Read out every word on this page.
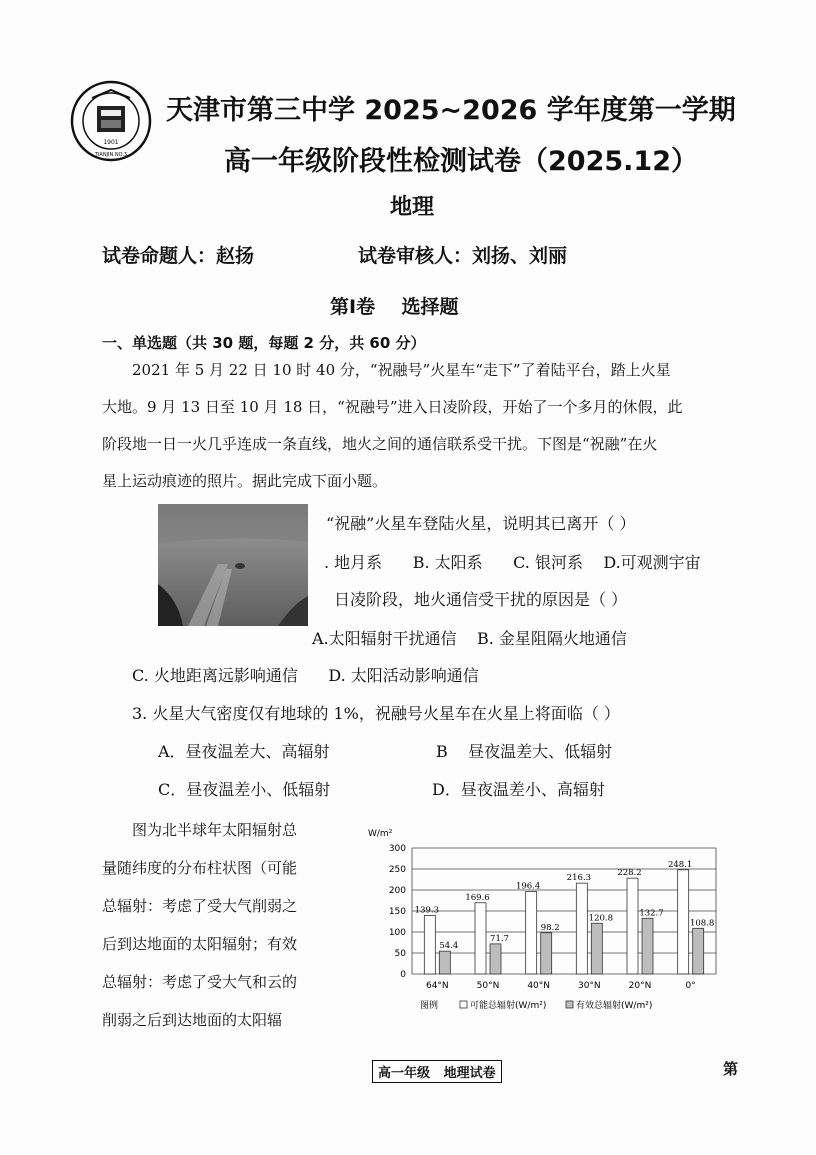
1901
TIANJIN NO.3
天津市第三中学 2025~2026 学年度第一学期
高一年级阶段性检测试卷（2025.12）
地理
试卷命题人：赵扬	试卷审核人：刘扬、刘丽
第Ⅰ卷    选择题
一、单选题（共 30 题，每题 2 分，共 60 分）
2021 年 5 月 22 日 10 时 40 分，“祝融号”火星车“走下”了着陆平台，踏上火星
大地。9 月 13 日至 10 月 18 日，“祝融号”进入日凌阶段，开始了一个多月的休假，此
阶段地一日一火几乎连成一条直线，地火之间的通信联系受干扰。下图是“祝融”在火
星上运动痕迹的照片。据此完成下面小题。
“祝融”火星车登陆火星，说明其已离开（ ）
. 地月系      B. 太阳系      C. 银河系    D.可观测宇宙
日凌阶段，地火通信受干扰的原因是（ ）
A.太阳辐射干扰通信    B. 金星阻隔火地通信
C. 火地距离远影响通信      D. 太阳活动影响通信
3. 火星大气密度仅有地球的 1%，祝融号火星车在火星上将面临（ ）
A．昼夜温差大、高辐射	B    昼夜温差大、低辐射
C．昼夜温差小、低辐射	D．昼夜温差小、高辐射
图为北半球年太阳辐射总
量随纬度的分布柱状图（可能
总辐射：考虑了受大气削弱之
后到达地面的太阳辐射；有效
总辐射：考虑了受大气和云的
削弱之后到达地面的太阳辐
W/m²
0
50
100
150
200
250
300
139.3
54.4
64°N
169.6
71.7
50°N
196.4
98.2
40°N
216.3
120.8
30°N
228.2
132.7
20°N
248.1
108.8
0°
图例	可能总辐射(W/m²)	有效总辐射(W/m²)
高一年级   地理试卷	第
